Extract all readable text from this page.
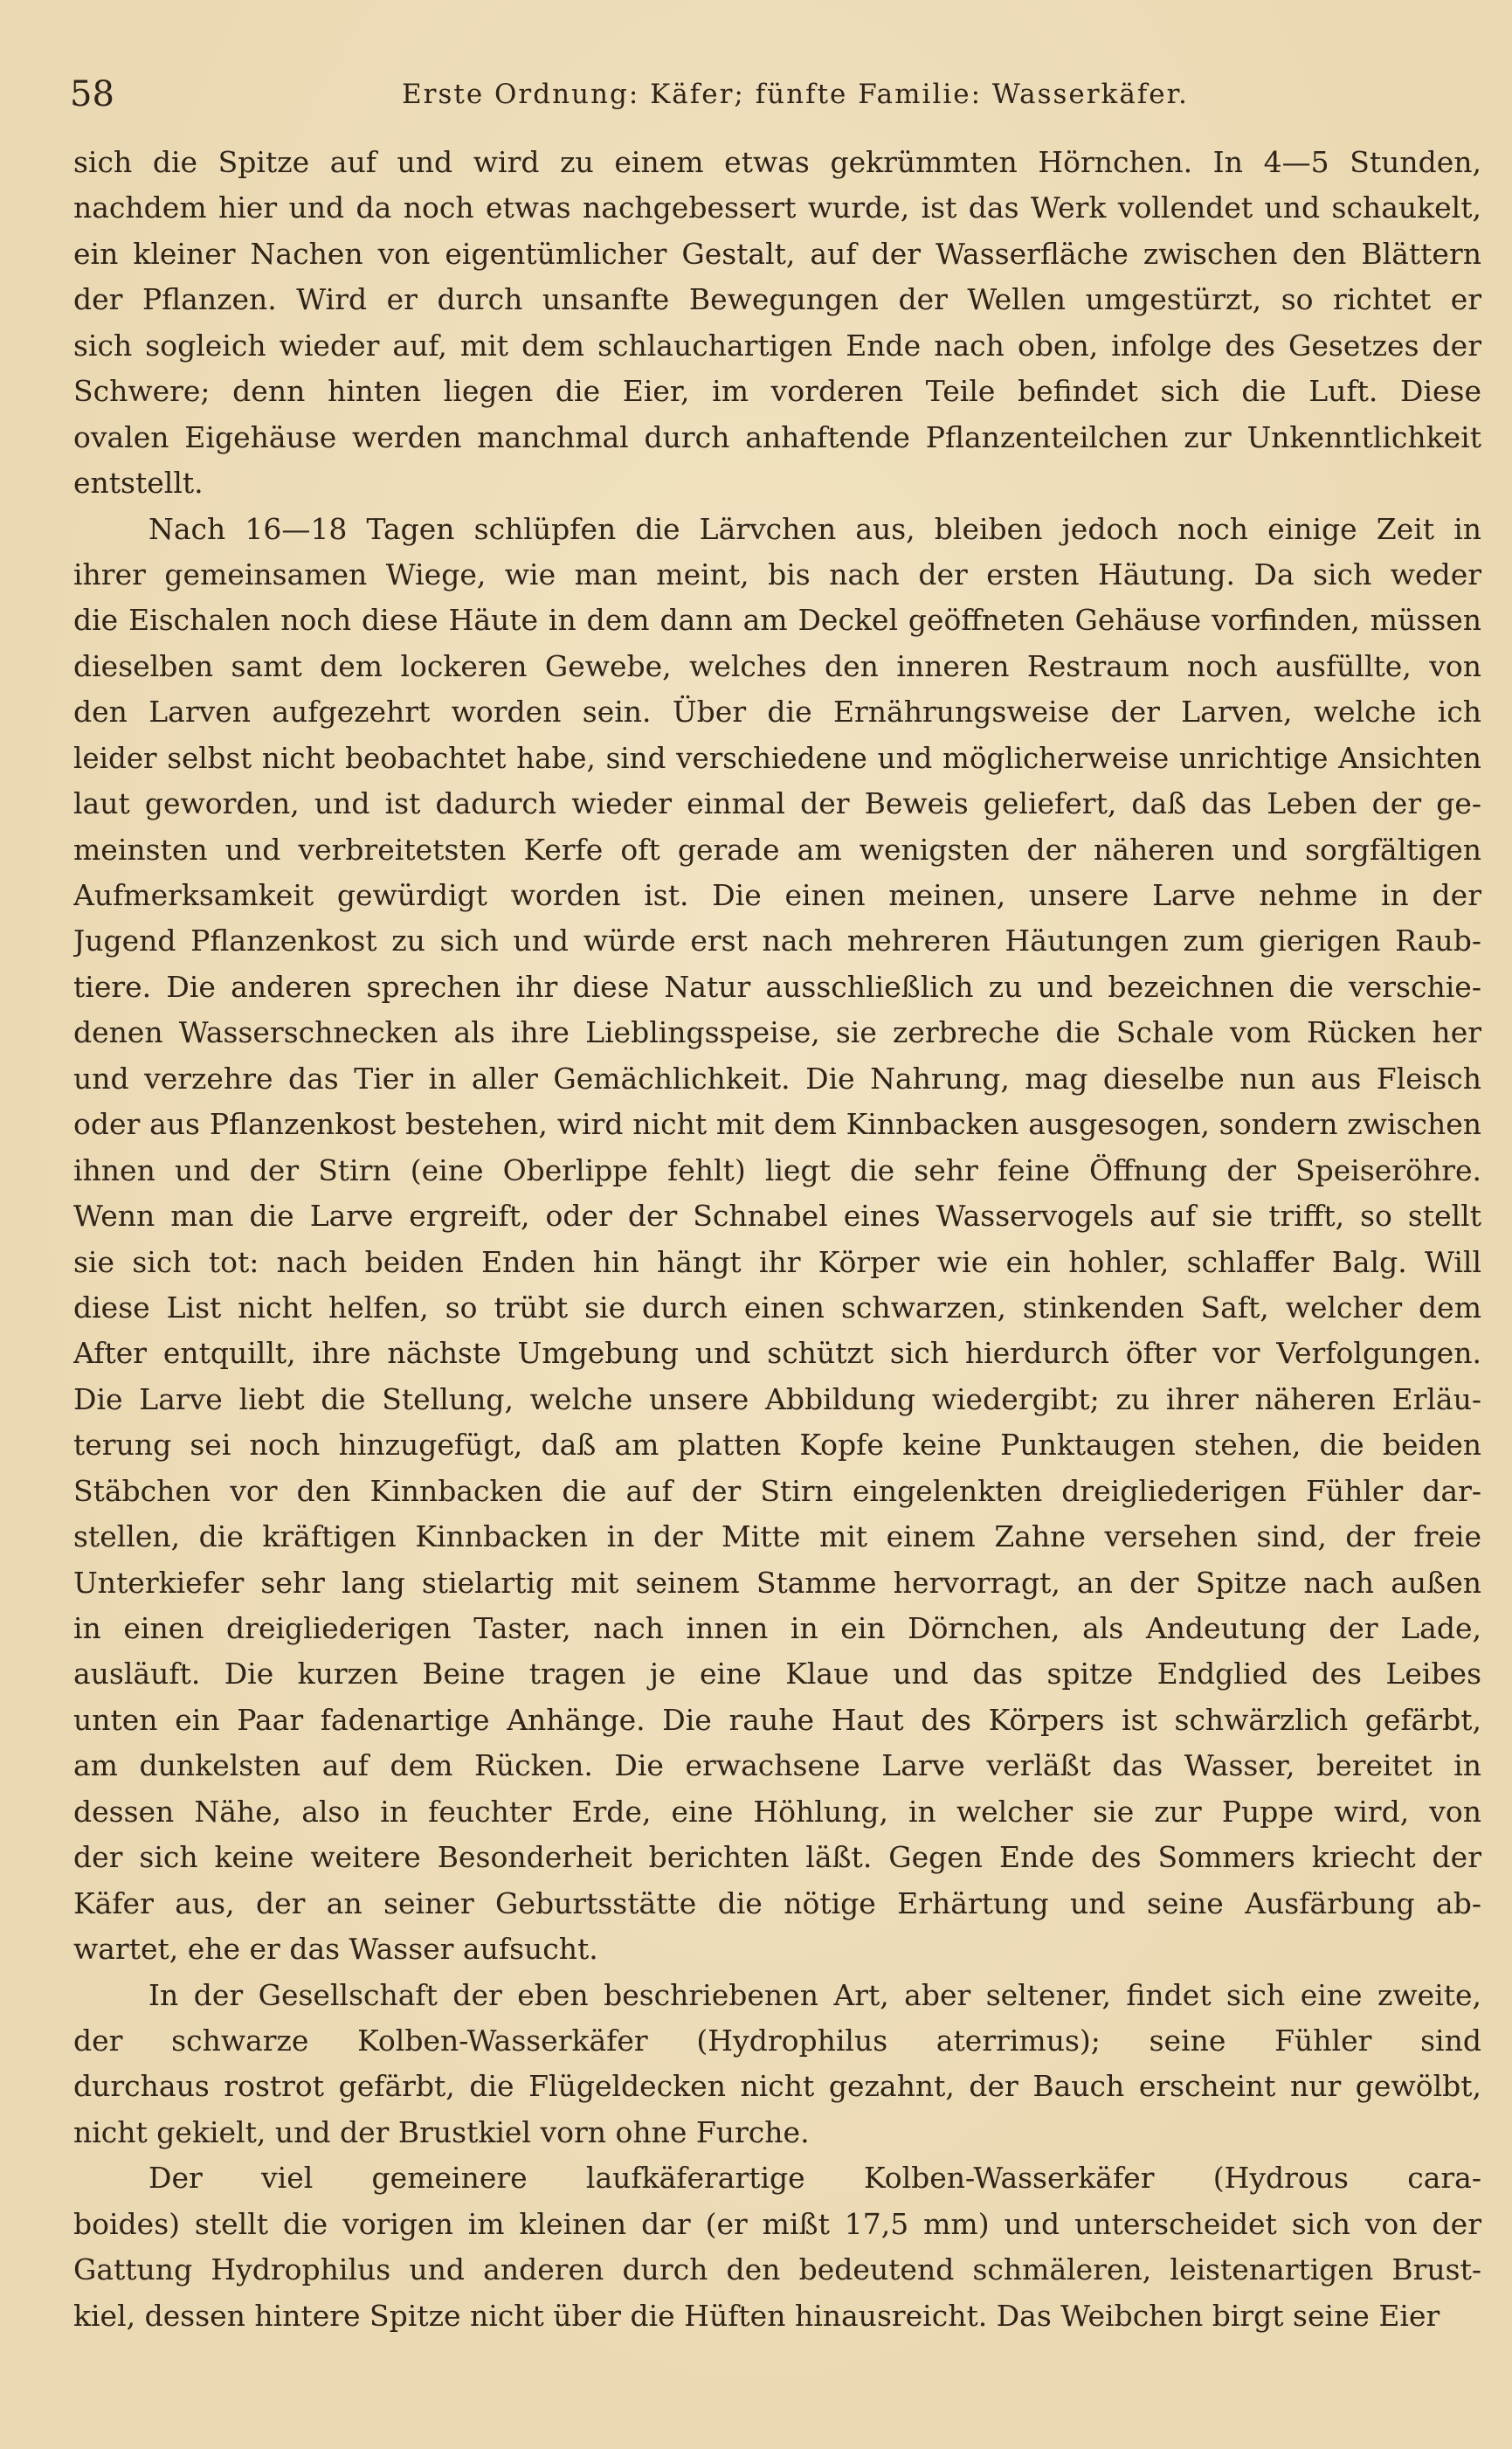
58	Erste Ordnung: Käfer; fünfte Familie: Wasserkäfer.
sich die Spitze auf und wird zu einem etwas gekrümmten Hörnchen. In 4—5 Stunden,
nachdem hier und da noch etwas nachgebessert wurde, ist das Werk vollendet und schaukelt,
ein kleiner Nachen von eigentümlicher Gestalt, auf der Wasserfläche zwischen den Blättern
der Pflanzen. Wird er durch unsanfte Bewegungen der Wellen umgestürzt, so richtet er
sich sogleich wieder auf, mit dem schlauchartigen Ende nach oben, infolge des Gesetzes der
Schwere; denn hinten liegen die Eier, im vorderen Teile befindet sich die Luft. Diese
ovalen Eigehäuse werden manchmal durch anhaftende Pflanzenteilchen zur Unkenntlichkeit
entstellt.
Nach 16—18 Tagen schlüpfen die Lärvchen aus, bleiben jedoch noch einige Zeit in
ihrer gemeinsamen Wiege, wie man meint, bis nach der ersten Häutung. Da sich weder
die Eischalen noch diese Häute in dem dann am Deckel geöffneten Gehäuse vorfinden, müssen
dieselben samt dem lockeren Gewebe, welches den inneren Restraum noch ausfüllte, von
den Larven aufgezehrt worden sein. Über die Ernährungsweise der Larven, welche ich
leider selbst nicht beobachtet habe, sind verschiedene und möglicherweise unrichtige Ansichten
laut geworden, und ist dadurch wieder einmal der Beweis geliefert, daß das Leben der ge-
meinsten und verbreitetsten Kerfe oft gerade am wenigsten der näheren und sorgfältigen
Aufmerksamkeit gewürdigt worden ist. Die einen meinen, unsere Larve nehme in der
Jugend Pflanzenkost zu sich und würde erst nach mehreren Häutungen zum gierigen Raub-
tiere. Die anderen sprechen ihr diese Natur ausschließlich zu und bezeichnen die verschie-
denen Wasserschnecken als ihre Lieblingsspeise, sie zerbreche die Schale vom Rücken her
und verzehre das Tier in aller Gemächlichkeit. Die Nahrung, mag dieselbe nun aus Fleisch
oder aus Pflanzenkost bestehen, wird nicht mit dem Kinnbacken ausgesogen, sondern zwischen
ihnen und der Stirn (eine Oberlippe fehlt) liegt die sehr feine Öffnung der Speiseröhre.
Wenn man die Larve ergreift, oder der Schnabel eines Wasservogels auf sie trifft, so stellt
sie sich tot: nach beiden Enden hin hängt ihr Körper wie ein hohler, schlaffer Balg. Will
diese List nicht helfen, so trübt sie durch einen schwarzen, stinkenden Saft, welcher dem
After entquillt, ihre nächste Umgebung und schützt sich hierdurch öfter vor Verfolgungen.
Die Larve liebt die Stellung, welche unsere Abbildung wiedergibt; zu ihrer näheren Erläu-
terung sei noch hinzugefügt, daß am platten Kopfe keine Punktaugen stehen, die beiden
Stäbchen vor den Kinnbacken die auf der Stirn eingelenkten dreigliederigen Fühler dar-
stellen, die kräftigen Kinnbacken in der Mitte mit einem Zahne versehen sind, der freie
Unterkiefer sehr lang stielartig mit seinem Stamme hervorragt, an der Spitze nach außen
in einen dreigliederigen Taster, nach innen in ein Dörnchen, als Andeutung der Lade,
ausläuft. Die kurzen Beine tragen je eine Klaue und das spitze Endglied des Leibes
unten ein Paar fadenartige Anhänge. Die rauhe Haut des Körpers ist schwärzlich gefärbt,
am dunkelsten auf dem Rücken. Die erwachsene Larve verläßt das Wasser, bereitet in
dessen Nähe, also in feuchter Erde, eine Höhlung, in welcher sie zur Puppe wird, von
der sich keine weitere Besonderheit berichten läßt. Gegen Ende des Sommers kriecht der
Käfer aus, der an seiner Geburtsstätte die nötige Erhärtung und seine Ausfärbung ab-
wartet, ehe er das Wasser aufsucht.
In der Gesellschaft der eben beschriebenen Art, aber seltener, findet sich eine zweite,
der schwarze Kolben-Wasserkäfer (Hydrophilus aterrimus); seine Fühler sind
durchaus rostrot gefärbt, die Flügeldecken nicht gezahnt, der Bauch erscheint nur gewölbt,
nicht gekielt, und der Brustkiel vorn ohne Furche.
Der viel gemeinere laufkäferartige Kolben-Wasserkäfer (Hydrous cara-
boides) stellt die vorigen im kleinen dar (er mißt 17,5 mm) und unterscheidet sich von der
Gattung Hydrophilus und anderen durch den bedeutend schmäleren, leistenartigen Brust-
kiel, dessen hintere Spitze nicht über die Hüften hinausreicht. Das Weibchen birgt seine Eier
